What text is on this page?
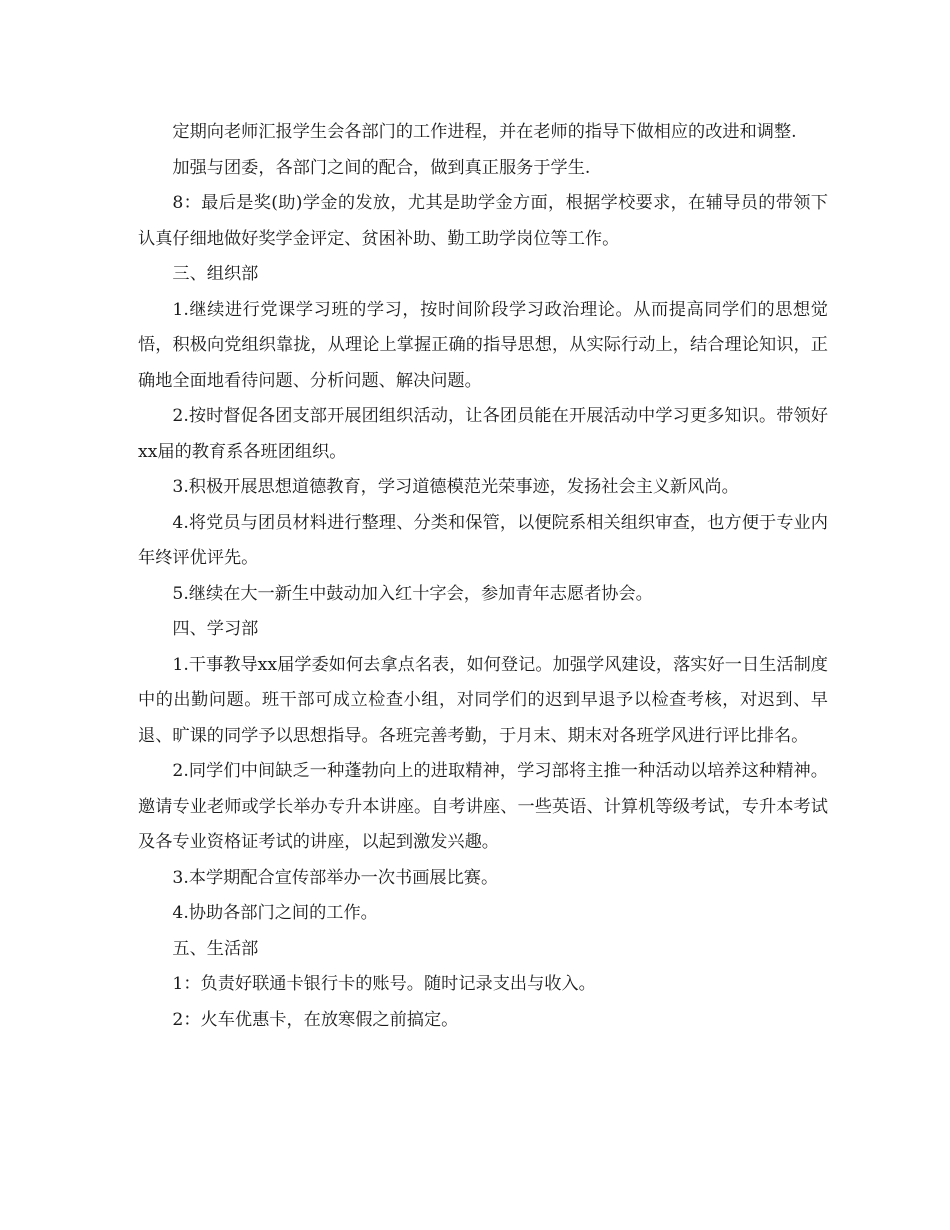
定期向老师汇报学生会各部门的工作进程，并在老师的指导下做相应的改进和调整.

加强与团委，各部门之间的配合，做到真正服务于学生.

8：最后是奖(助)学金的发放，尤其是助学金方面，根据学校要求，在辅导员的带领下认真仔细地做好奖学金评定、贫困补助、勤工助学岗位等工作。

三、组织部

1.继续进行党课学习班的学习，按时间阶段学习政治理论。从而提高同学们的思想觉悟，积极向党组织靠拢，从理论上掌握正确的指导思想，从实际行动上，结合理论知识，正确地全面地看待问题、分析问题、解决问题。

2.按时督促各团支部开展团组织活动，让各团员能在开展活动中学习更多知识。带领好xx届的教育系各班团组织。

3.积极开展思想道德教育，学习道德模范光荣事迹，发扬社会主义新风尚。

4.将党员与团员材料进行整理、分类和保管，以便院系相关组织审查，也方便于专业内年终评优评先。

5.继续在大一新生中鼓动加入红十字会，参加青年志愿者协会。

四、学习部

1.干事教导xx届学委如何去拿点名表，如何登记。加强学风建设，落实好一日生活制度中的出勤问题。班干部可成立检查小组，对同学们的迟到早退予以检查考核，对迟到、早退、旷课的同学予以思想指导。各班完善考勤，于月末、期末对各班学风进行评比排名。

2.同学们中间缺乏一种蓬勃向上的进取精神，学习部将主推一种活动以培养这种精神。邀请专业老师或学长举办专升本讲座。自考讲座、一些英语、计算机等级考试，专升本考试及各专业资格证考试的讲座，以起到激发兴趣。

3.本学期配合宣传部举办一次书画展比赛。

4.协助各部门之间的工作。

五、生活部

1：负责好联通卡银行卡的账号。随时记录支出与收入。

2：火车优惠卡，在放寒假之前搞定。
